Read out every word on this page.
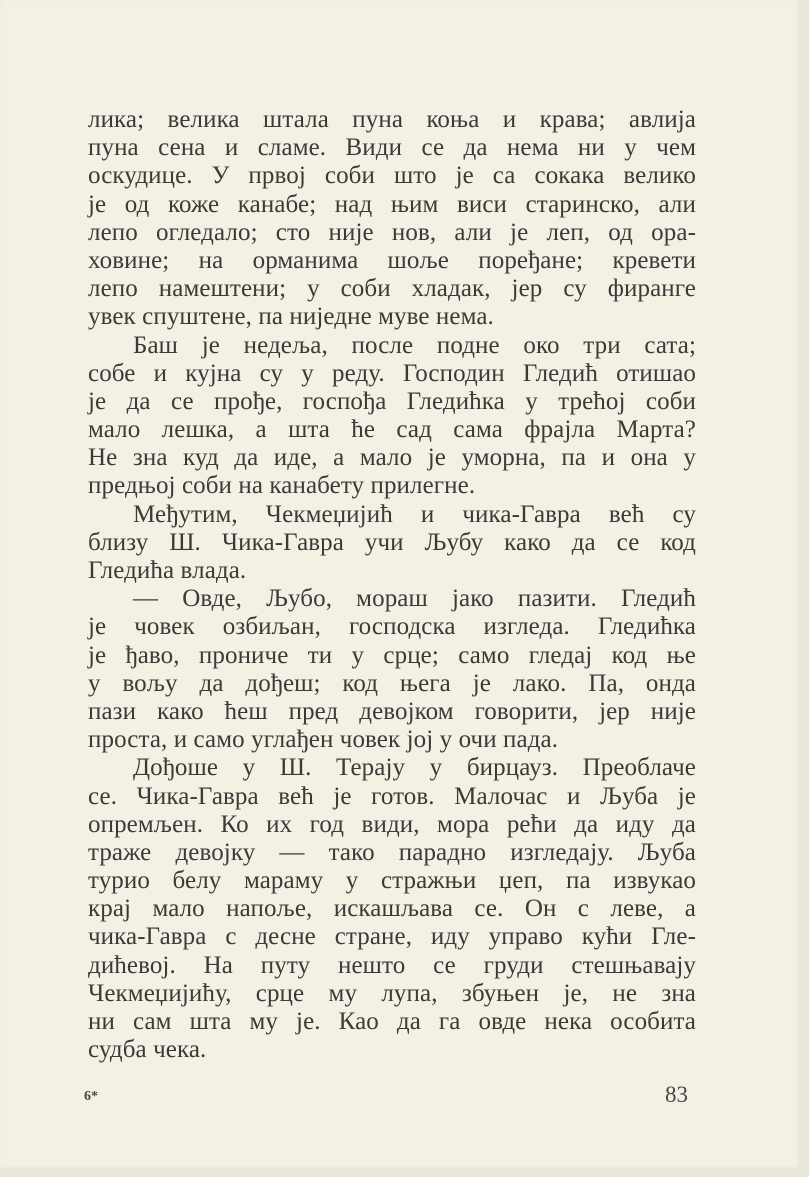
лика; велика штала пуна коња и крава; авлија
пуна сена и сламе. Види се да нема ни у чем
оскудице. У првој соби што је са сокака велико
је од коже канабе; над њим виси старинско, али
лепо огледало; сто није нов, али је леп, од ора-
ховине; на орманима шоље поређане; кревети
лепо намештени; у соби хладак, јер су фиранге
увек спуштене, па ниједне муве нема.
Баш је недеља, после подне око три сата;
собе и кујна су у реду. Господин Гледић отишао
је да се прође, госпођа Гледићка у трећој соби
мало лешка, а шта ће сад сама фрајла Марта?
Не зна куд да иде, а мало је уморна, па и она у
предњој соби на канабету прилегне.
Међутим, Чекмеџијић и чика-Гавра већ су
близу Ш. Чика-Гавра учи Љубу како да се код
Гледића влада.
— Овде, Љубо, мораш јако пазити. Гледић
је човек озбиљан, господска изгледа. Гледићка
је ђаво, прониче ти у срце; само гледај код ње
у вољу да дођеш; код њега је лако. Па, онда
пази како ћеш пред девојком говорити, јер није
проста, и само углађен човек јој у очи пада.
Дођоше у Ш. Терају у бирцауз. Преоблаче
се. Чика-Гавра већ је готов. Малочас и Љуба је
опремљен. Ко их год види, мора рећи да иду да
траже девојку — тако парадно изгледају. Љуба
турио белу мараму у стражњи џеп, па извукао
крај мало напоље, искашљава се. Он с леве, а
чика-Гавра с десне стране, иду управо кући Гле-
дићевој. На путу нешто се груди стешњавају
Чекмеџијићу, срце му лупа, збуњен је, не зна
ни сам шта му је. Као да га овде нека особита
судба чека.
6*	83
